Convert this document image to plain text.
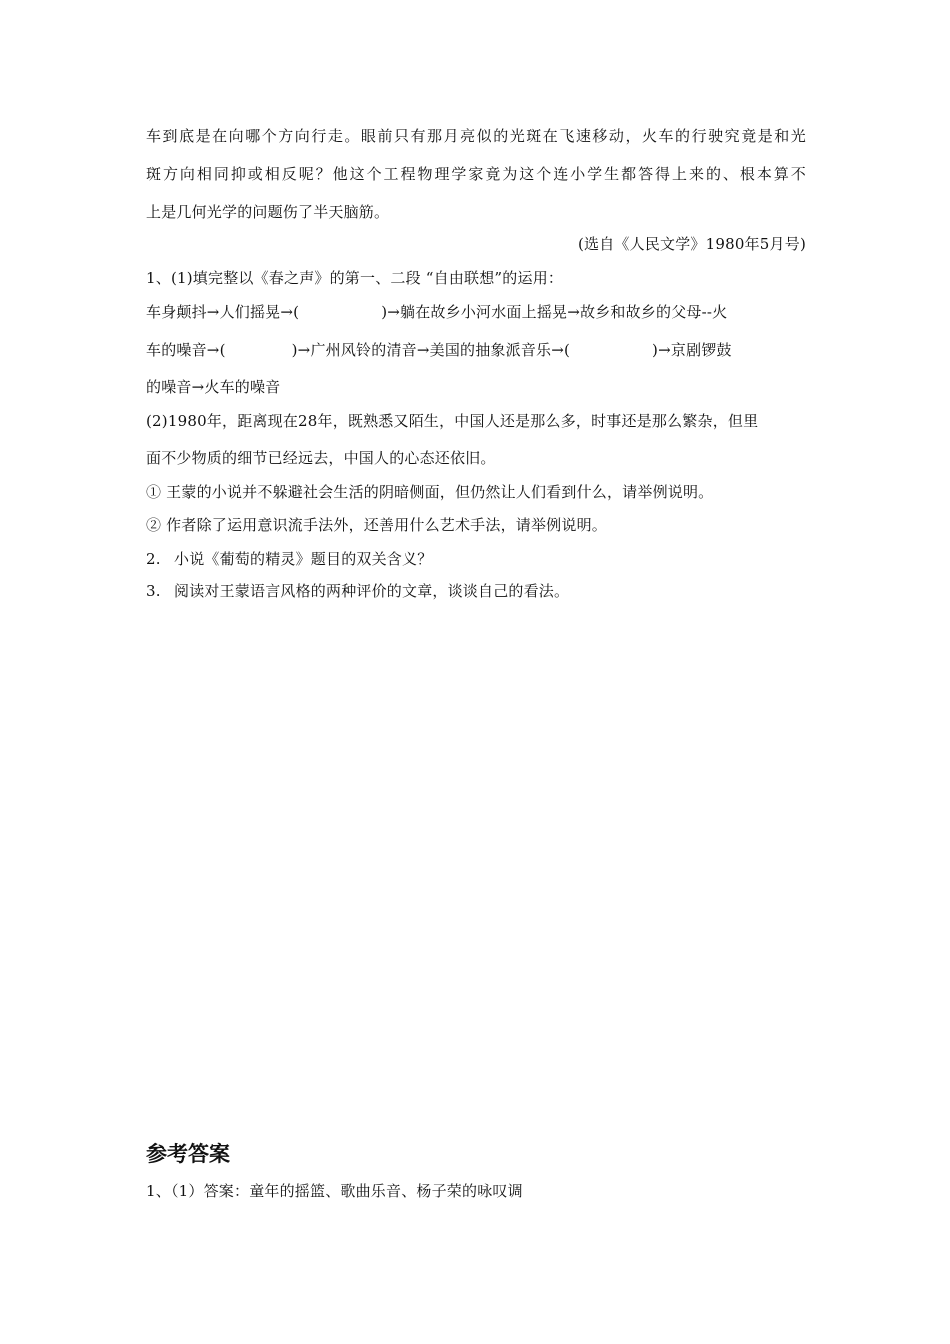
车到底是在向哪个方向行走。眼前只有那月亮似的光斑在飞速移动，火车的行驶究竟是和光
斑方向相同抑或相反呢？他这个工程物理学家竟为这个连小学生都答得上来的、根本算不
上是几何光学的问题伤了半天脑筋。
(选自《人民文学》1980年5月号)
1、(1)填完整以《春之声》的第一、二段 “自由联想”的运用：
车身颠抖→人们摇晃→(	)→躺在故乡小河水面上摇晃→故乡和故乡的父母--火
车的噪音→(	)→广州风铃的清音→美国的抽象派音乐→(	)→京剧锣鼓
的噪音→火车的噪音
(2)1980年，距离现在28年，既熟悉又陌生，中国人还是那么多，时事还是那么繁杂，但里
面不少物质的细节已经远去，中国人的心态还依旧。
① 王蒙的小说并不躲避社会生活的阴暗侧面，但仍然让人们看到什么，请举例说明。
② 作者除了运用意识流手法外，还善用什么艺术手法，请举例说明。
2. 小说《葡萄的精灵》题目的双关含义？
3. 阅读对王蒙语言风格的两种评价的文章，谈谈自己的看法。
参考答案
1、（1）答案：童年的摇篮、歌曲乐音、杨子荣的咏叹调
